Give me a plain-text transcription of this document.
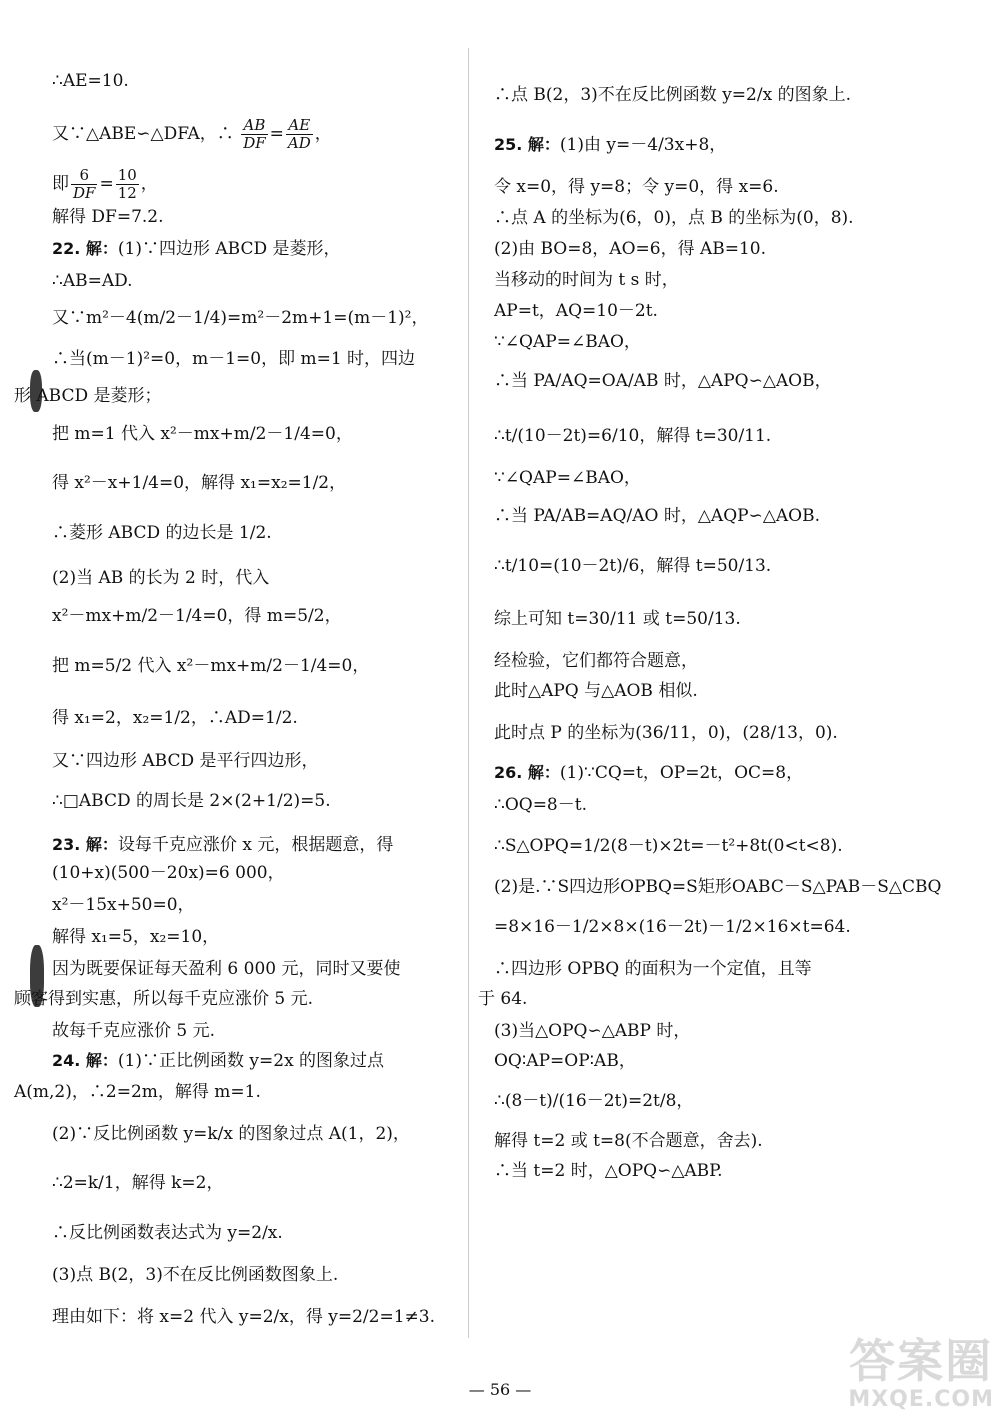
∴AE=10.
又∵△ABE∽△DFA，∴ $\frac{AB}{DF} = \frac{AE}{AD}$ ，
即 $\frac{6}{DF} = \frac{10}{12}$ ，
解得 DF=7.2.
22. 解：(1)∵四边形 ABCD 是菱形，
∴AB=AD.
又∵m²－4(m/2－1/4)=m²－2m+1=(m－1)²，
∴当(m－1)²=0，m－1=0，即 m=1 时，四边
形 ABCD 是菱形；
把 m=1 代入 x²－mx+m/2－1/4=0，
得 x²－x+1/4=0，解得 x₁=x₂=1/2，
∴菱形 ABCD 的边长是 1/2.
(2)当 AB 的长为 2 时，代入
x²－mx+m/2－1/4=0，得 m=5/2，
把 m=5/2 代入 x²－mx+m/2－1/4=0，
得 x₁=2，x₂=1/2，∴AD=1/2.
又∵四边形 ABCD 是平行四边形，
∴□ABCD 的周长是 2×(2+1/2)=5.
23. 解：设每千克应涨价 x 元，根据题意，得
(10+x)(500－20x)=6 000，
x²－15x+50=0，
解得 x₁=5，x₂=10，
因为既要保证每天盈利 6 000 元，同时又要使
顾客得到实惠，所以每千克应涨价 5 元.
故每千克应涨价 5 元.
24. 解：(1)∵正比例函数 y=2x 的图象过点
A(m,2)，∴2=2m，解得 m=1.
(2)∵反比例函数 y=k/x 的图象过点 A(1，2)，
∴2=k/1，解得 k=2，
∴反比例函数表达式为 y=2/x.
(3)点 B(2，3)不在反比例函数图象上.
理由如下：将 x=2 代入 y=2/x，得 y=2/2=1≠3.
∴点 B(2，3)不在反比例函数 y=2/x 的图象上.
25. 解：(1)由 y=－4/3x+8，
令 x=0，得 y=8；令 y=0，得 x=6.
∴点 A 的坐标为(6，0)，点 B 的坐标为(0，8).
(2)由 BO=8，AO=6，得 AB=10.
当移动的时间为 t s 时，
AP=t，AQ=10－2t.
∵∠QAP=∠BAO，
∴当 PA/AQ=OA/AB 时，△APQ∽△AOB，
∴t/(10－2t)=6/10，解得 t=30/11.
∵∠QAP=∠BAO，
∴当 PA/AB=AQ/AO 时，△AQP∽△AOB.
∴t/10=(10－2t)/6，解得 t=50/13.
综上可知 t=30/11 或 t=50/13.
经检验，它们都符合题意，
此时△APQ 与△AOB 相似.
此时点 P 的坐标为(36/11，0)，(28/13，0).
26. 解：(1)∵CQ=t，OP=2t，OC=8，
∴OQ=8－t.
∴S△OPQ=1/2(8－t)×2t=－t²+8t(0<t<8).
(2)是.∵S四边形OPBQ=S矩形OABC－S△PAB－S△CBQ
=8×16－1/2×8×(16－2t)－1/2×16×t=64.
∴四边形 OPBQ 的面积为一个定值，且等
于 64.
(3)当△OPQ∽△ABP 时，
OQ∶AP=OP∶AB，
∴(8－t)/(16－2t)=2t/8，
解得 t=2 或 t=8(不合题意，舍去).
∴当 t=2 时，△OPQ∽△ABP.
— 56 —
答案圈
MXQE.COM
